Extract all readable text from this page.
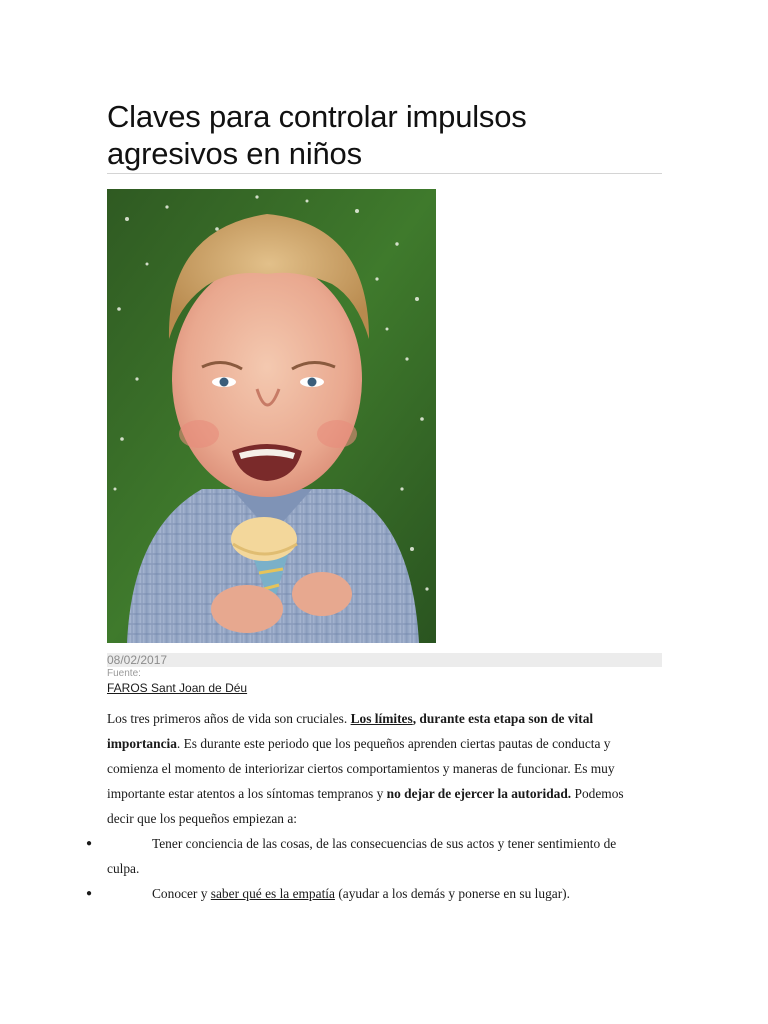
Claves para controlar impulsos agresivos en niños
08/02/2017
Fuente:
FAROS Sant Joan de Déu

Los tres primeros años de vida son cruciales. Los límites, durante esta etapa son de vital importancia. Es durante este periodo que los pequeños aprenden ciertas pautas de conducta y comienza el momento de interiorizar ciertos comportamientos y maneras de funcionar. Es muy importante estar atentos a los síntomas tempranos y no dejar de ejercer la autoridad. Podemos decir que los pequeños empiezan a:

●	Tener conciencia de las cosas, de las consecuencias de sus actos y tener sentimiento de culpa.
●	Conocer y saber qué es la empatía (ayudar a los demás y ponerse en su lugar).
